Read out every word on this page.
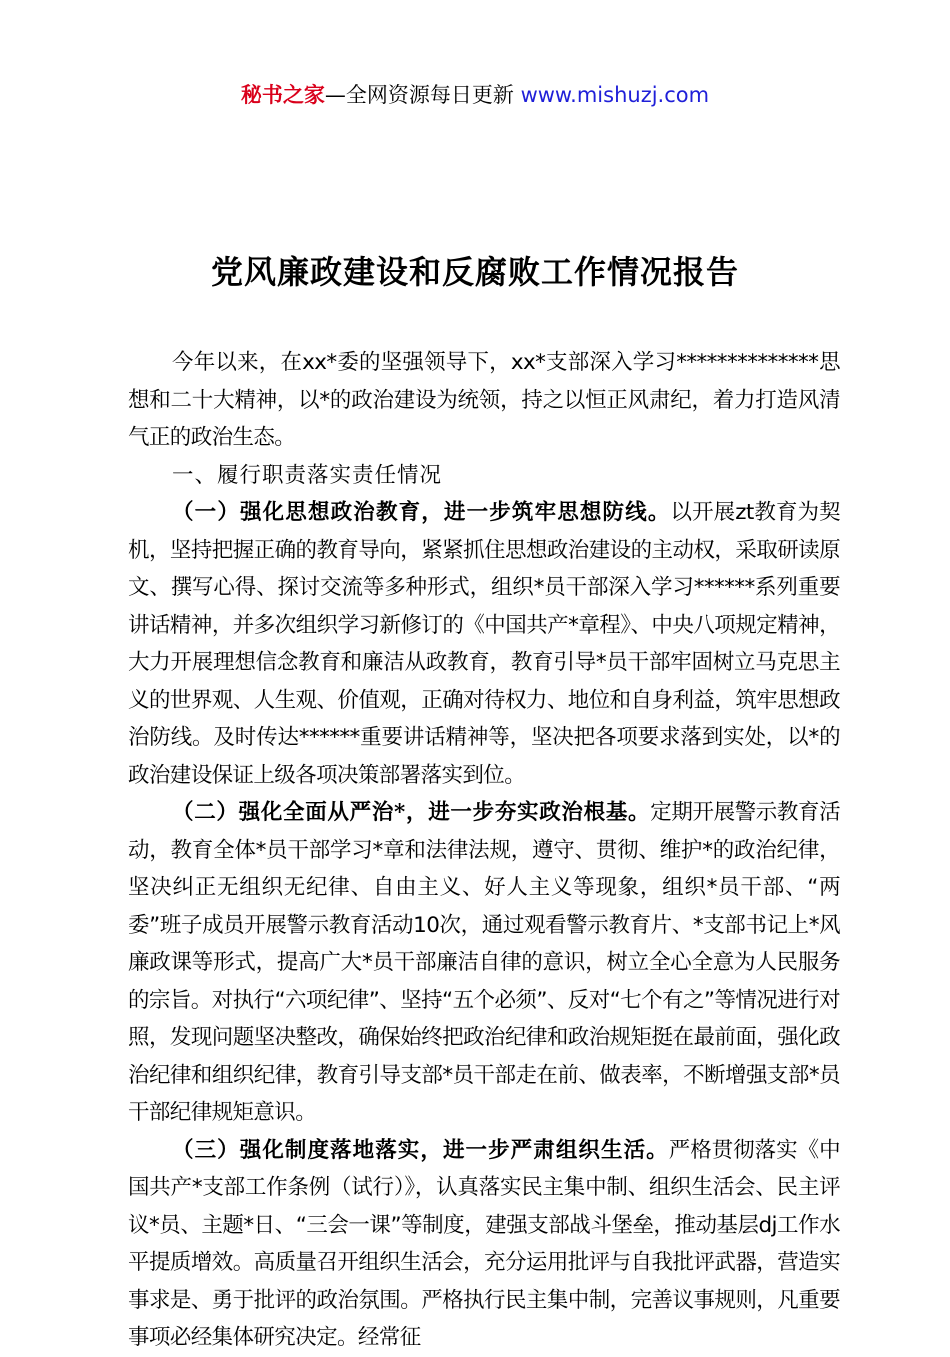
秘书之家—全网资源每日更新 www.mishuzj.com
党风廉政建设和反腐败工作情况报告

今年以来，在xx*委的坚强领导下，xx*支部深入学习**************思想和二十大精神，以*的政治建设为统领，持之以恒正风肃纪，着力打造风清气正的政治生态。

一、履行职责落实责任情况

（一）强化思想政治教育，进一步筑牢思想防线。以开展zt教育为契机，坚持把握正确的教育导向，紧紧抓住思想政治建设的主动权，采取研读原文、撰写心得、探讨交流等多种形式，组织*员干部深入学习******系列重要讲话精神，并多次组织学习新修订的《中国共产*章程》、中央八项规定精神，大力开展理想信念教育和廉洁从政教育，教育引导*员干部牢固树立马克思主义的世界观、人生观、价值观，正确对待权力、地位和自身利益，筑牢思想政治防线。及时传达******重要讲话精神等，坚决把各项要求落到实处，以*的政治建设保证上级各项决策部署落实到位。

（二）强化全面从严治*，进一步夯实政治根基。定期开展警示教育活动，教育全体*员干部学习*章和法律法规，遵守、贯彻、维护*的政治纪律，坚决纠正无组织无纪律、自由主义、好人主义等现象，组织*员干部、“两委”班子成员开展警示教育活动10次，通过观看警示教育片、*支部书记上*风廉政课等形式，提高广大*员干部廉洁自律的意识，树立全心全意为人民服务的宗旨。对执行“六项纪律”、坚持“五个必须”、反对“七个有之”等情况进行对照，发现问题坚决整改，确保始终把政治纪律和政治规矩挺在最前面，强化政治纪律和组织纪律，教育引导支部*员干部走在前、做表率，不断增强支部*员干部纪律规矩意识。

（三）强化制度落地落实，进一步严肃组织生活。严格贯彻落实《中国共产*支部工作条例（试行）》，认真落实民主集中制、组织生活会、民主评议*员、主题*日、“三会一课”等制度，建强支部战斗堡垒，推动基层dj工作水平提质增效。高质量召开组织生活会，充分运用批评与自我批评武器，营造实事求是、勇于批评的政治氛围。严格执行民主集中制，完善议事规则，凡重要事项必经集体研究决定。经常征
